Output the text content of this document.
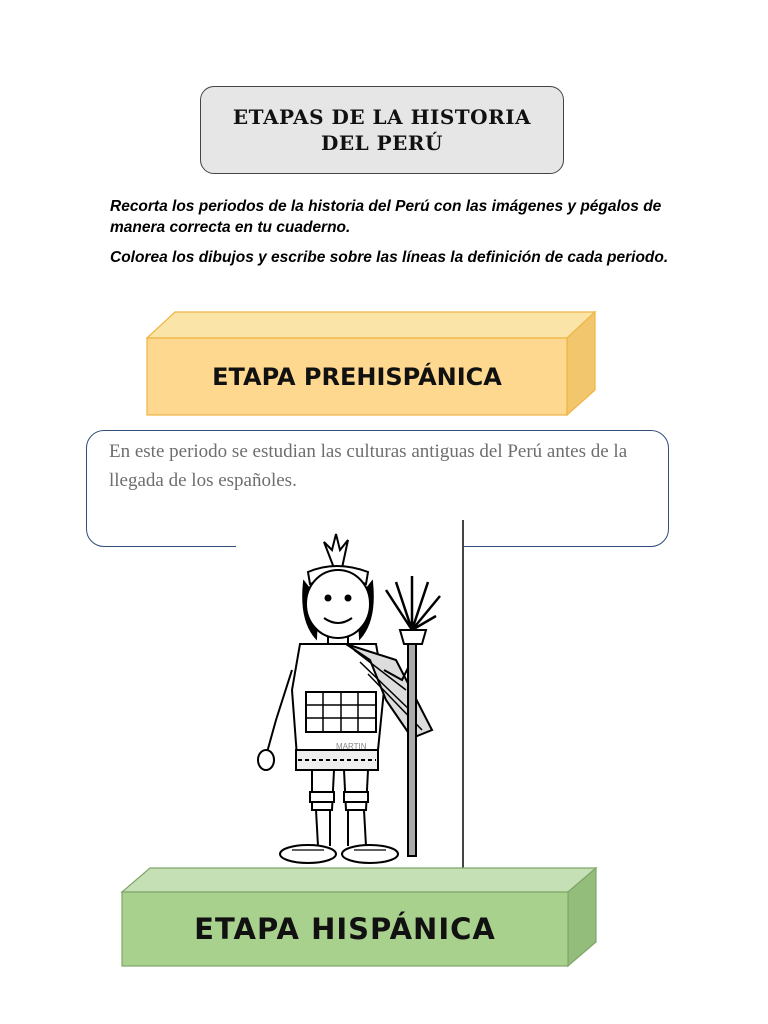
ETAPAS DE LA HISTORIA
DEL PERÚ

Recorta los periodos de la historia del Perú con las imágenes y pégalos de manera correcta en tu cuaderno.

Colorea los dibujos y escribe sobre las líneas la definición de cada periodo.

ETAPA PREHISPÁNICA
En este periodo se estudian las culturas antiguas del Perú antes de la llegada de los españoles.
MARTIN
ETAPA HISPÁNICA
